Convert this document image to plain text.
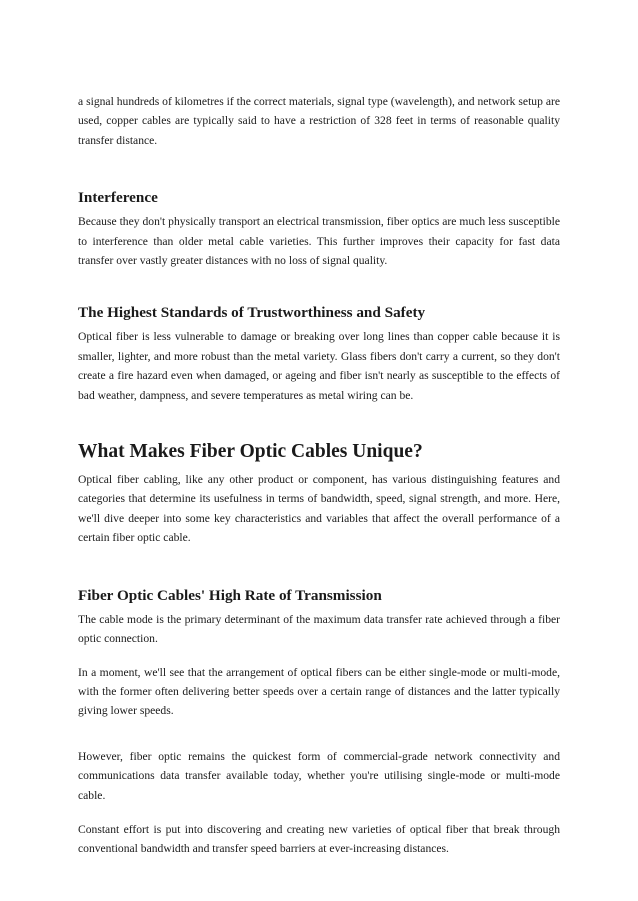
a signal hundreds of kilometres if the correct materials, signal type (wavelength), and network setup are used, copper cables are typically said to have a restriction of 328 feet in terms of reasonable quality transfer distance.

Interference

Because they don't physically transport an electrical transmission, fiber optics are much less susceptible to interference than older metal cable varieties. This further improves their capacity for fast data transfer over vastly greater distances with no loss of signal quality.

The Highest Standards of Trustworthiness and Safety

Optical fiber is less vulnerable to damage or breaking over long lines than copper cable because it is smaller, lighter, and more robust than the metal variety. Glass fibers don't carry a current, so they don't create a fire hazard even when damaged, or ageing and fiber isn't nearly as susceptible to the effects of bad weather, dampness, and severe temperatures as metal wiring can be.

What Makes Fiber Optic Cables Unique?

Optical fiber cabling, like any other product or component, has various distinguishing features and categories that determine its usefulness in terms of bandwidth, speed, signal strength, and more. Here, we'll dive deeper into some key characteristics and variables that affect the overall performance of a certain fiber optic cable.

Fiber Optic Cables' High Rate of Transmission

The cable mode is the primary determinant of the maximum data transfer rate achieved through a fiber optic connection.

In a moment, we'll see that the arrangement of optical fibers can be either single-mode or multi-mode, with the former often delivering better speeds over a certain range of distances and the latter typically giving lower speeds.

However, fiber optic remains the quickest form of commercial-grade network connectivity and communications data transfer available today, whether you're utilising single-mode or multi-mode cable.

Constant effort is put into discovering and creating new varieties of optical fiber that break through conventional bandwidth and transfer speed barriers at ever-increasing distances.
